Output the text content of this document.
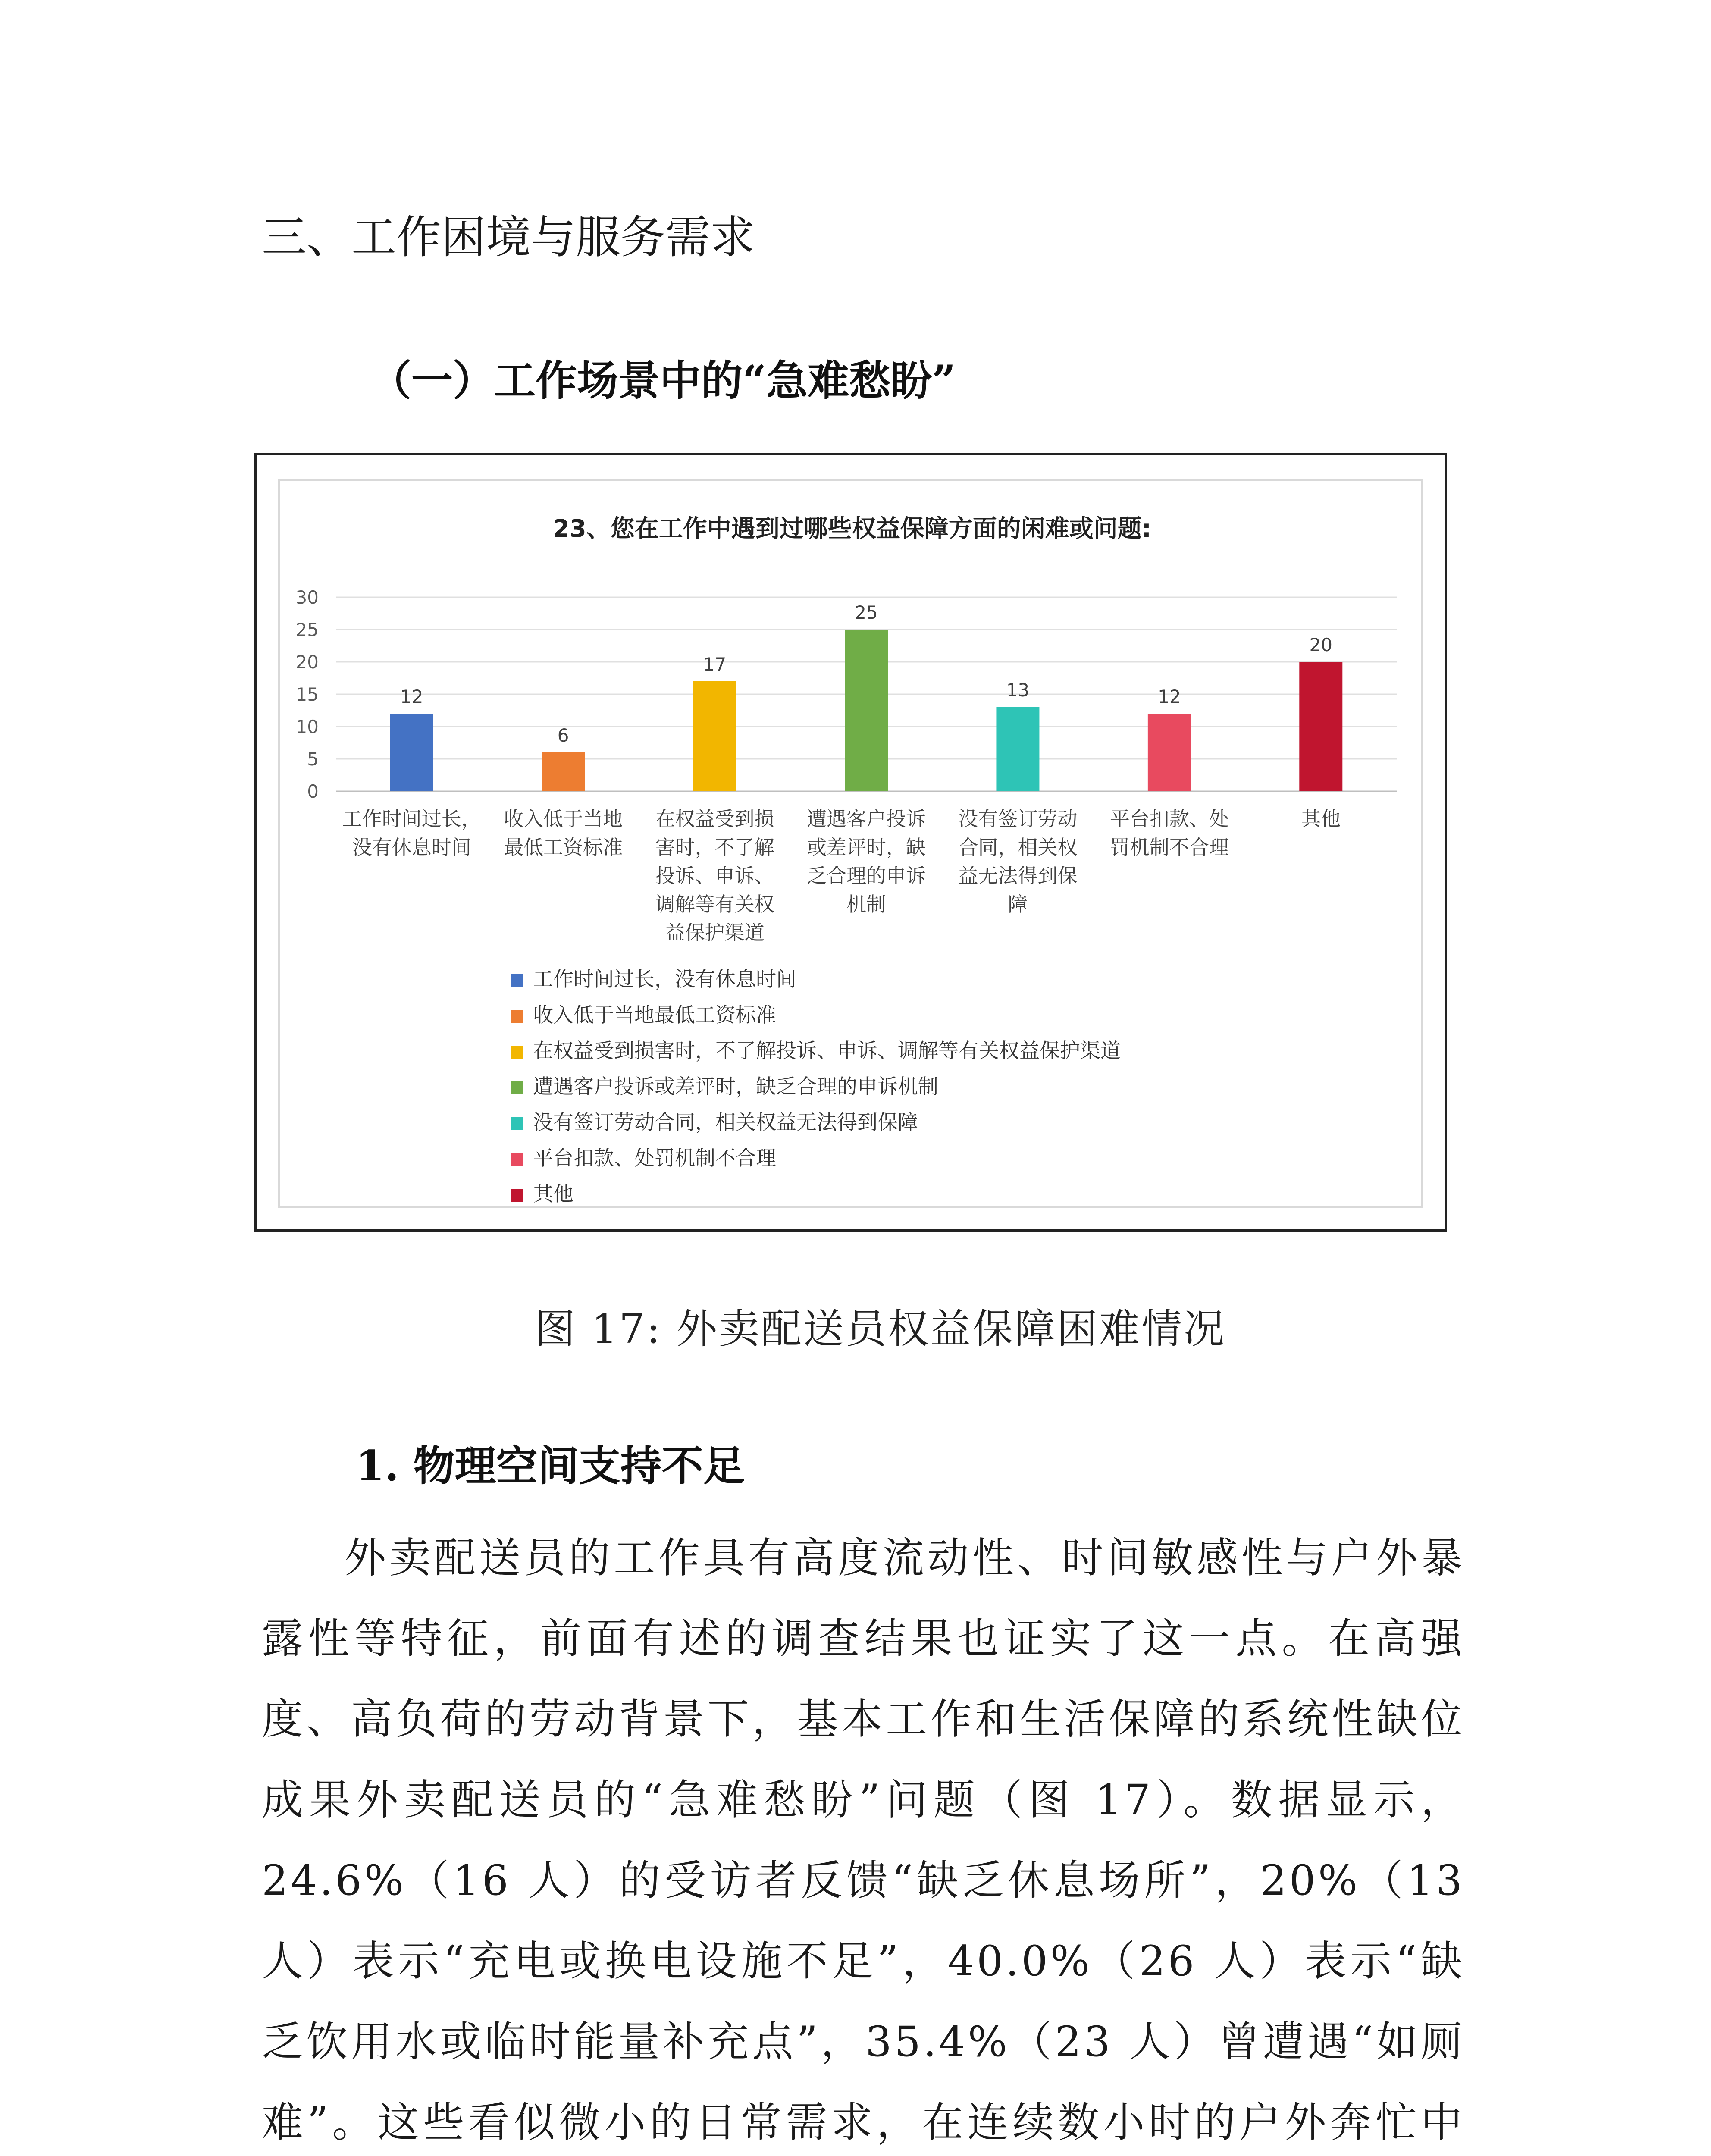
三、工作困境与服务需求
（一）工作场景中的“急难愁盼”
23、您在工作中遇到过哪些权益保障方面的闲难或问题:
0
5
10
15
20
25
30
12
工作时间过长，没有休息时间
6
收入低于当地最低工资标准
17
在权益受到损害时，不了解投诉、申诉、调解等有关权益保护渠道
25
遭遇客户投诉或差评时，缺乏合理的申诉机制
13
没有签订劳动合同，相关权益无法得到保障
12
平台扣款、处罚机制不合理
20
其他
工作时间过长，没有休息时间
收入低于当地最低工资标准
在权益受到损害时，不了解投诉、申诉、调解等有关权益保护渠道
遭遇客户投诉或差评时，缺乏合理的申诉机制
没有签订劳动合同，相关权益无法得到保障
平台扣款、处罚机制不合理
其他
图 17: 外卖配送员权益保障困难情况
1. 物理空间支持不足
外卖配送员的工作具有高度流动性、时间敏感性与户外暴露性等特征，前面有述的调查结果也证实了这一点。在高强度、高负荷的劳动背景下，基本工作和生活保障的系统性缺位成果外卖配送员的“急难愁盼”问题（图 17）。数据显示，24.6%（16 人）的受访者反馈“缺乏休息场所”，20%（13 人）表示“充电或换电设施不足”，40.0%（26 人）表示“缺乏饮用水或临时能量补充点”，35.4%（23 人）曾遭遇“如厕难”。这些看似微小的日常需求，在连续数小时的户外奔忙中
